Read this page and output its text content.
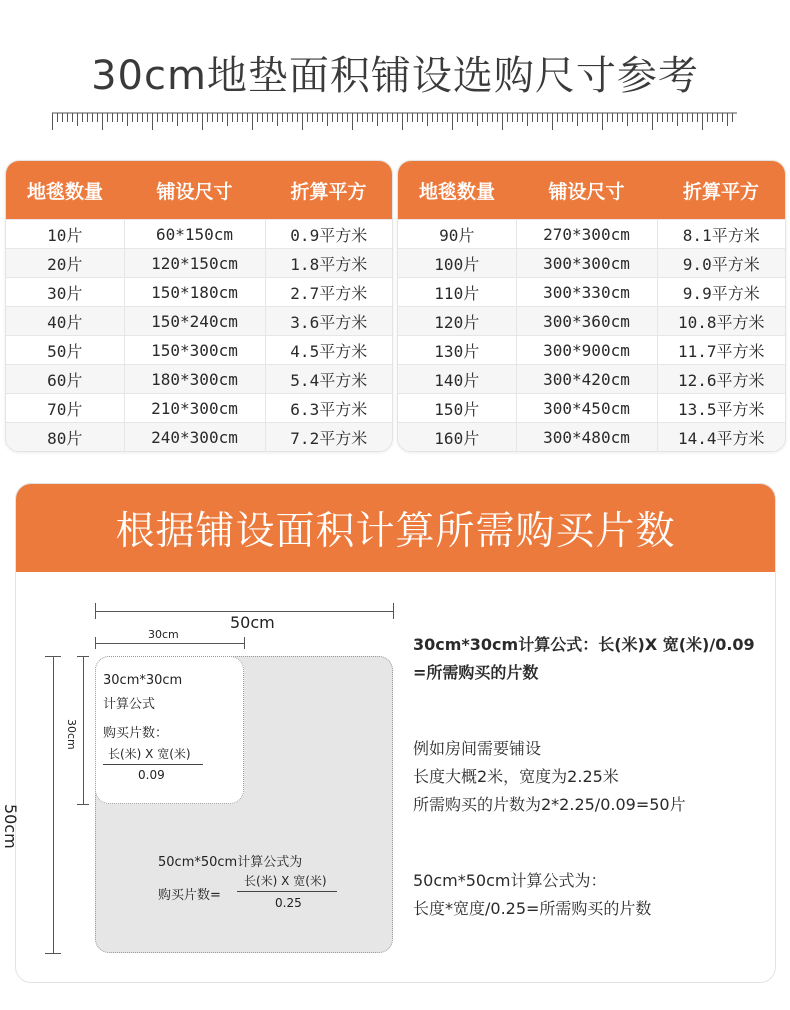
30cm地垫面积铺设选购尺寸参考
地毯数量	铺设尺寸	折算平方
10片	60*150cm	0.9平方米
20片	120*150cm	1.8平方米
30片	150*180cm	2.7平方米
40片	150*240cm	3.6平方米
50片	150*300cm	4.5平方米
60片	180*300cm	5.4平方米
70片	210*300cm	6.3平方米
80片	240*300cm	7.2平方米
地毯数量	铺设尺寸	折算平方
90片	270*300cm	8.1平方米
100片	300*300cm	9.0平方米
110片	300*330cm	9.9平方米
120片	300*360cm	10.8平方米
130片	300*900cm	11.7平方米
140片	300*420cm	12.6平方米
150片	300*450cm	13.5平方米
160片	300*480cm	14.4平方米
根据铺设面积计算所需购买片数
50cm
30cm
50cm
30cm
30cm*30cm
计算公式
购买片数：
长(米) X 宽(米)
0.09
50cm*50cm计算公式为
购买片数=
长(米) X 宽(米)
0.25
30cm*30cm计算公式：长(米)X 宽(米)/0.09
=所需购买的片数
例如房间需要铺设
长度大概2米，宽度为2.25米
所需购买的片数为2*2.25/0.09=50片
50cm*50cm计算公式为：
长度*宽度/0.25=所需购买的片数
